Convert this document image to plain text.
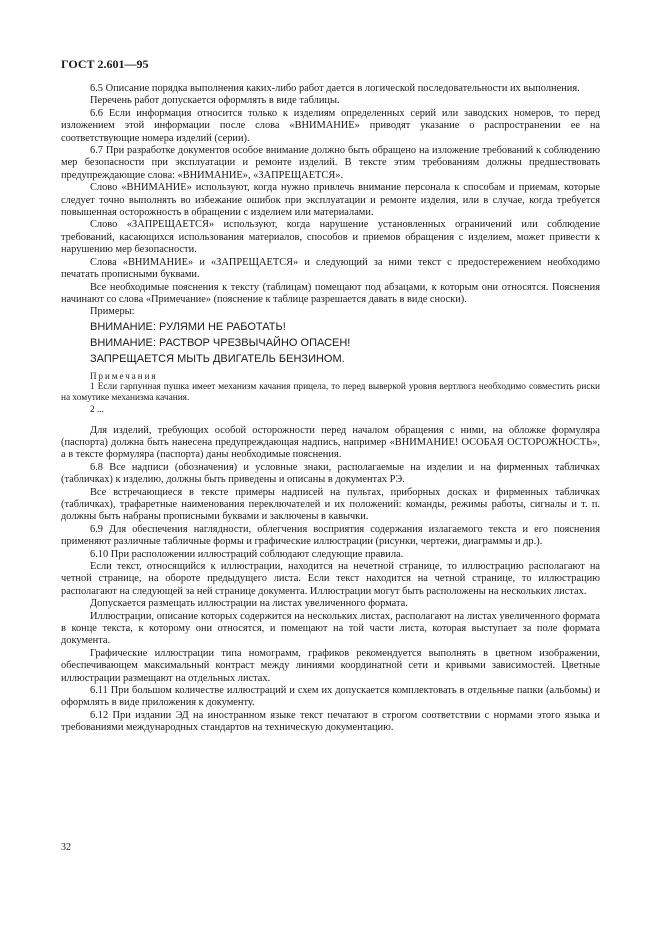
ГОСТ 2.601—95

6.5 Описание порядка выполнения каких-либо работ дается в логической последовательности их выполнения.

Перечень работ допускается оформлять в виде таблицы.

6.6 Если информация относится только к изделиям определенных серий или заводских номеров, то перед изложением этой информации после слова «ВНИМАНИЕ» приводят указание о распространении ее на соответствующие номера изделий (серии).

6.7 При разработке документов особое внимание должно быть обращено на изложение требований к соблюдению мер безопасности при эксплуатации и ремонте изделий. В тексте этим требованиям должны предшествовать предупреждающие слова: «ВНИМАНИЕ», «ЗАПРЕЩАЕТСЯ».

Слово «ВНИМАНИЕ» используют, когда нужно привлечь внимание персонала к способам и приемам, которые следует точно выполнять во избежание ошибок при эксплуатации и ремонте изделия, или в случае, когда требуется повышенная осторожность в обращении с изделием или материалами.

Слово «ЗАПРЕЩАЕТСЯ» используют, когда нарушение установленных ограничений или соблюдение требований, касающихся использования материалов, способов и приемов обращения с изделием, может привести к нарушению мер безопасности.

Слова «ВНИМАНИЕ» и «ЗАПРЕЩАЕТСЯ» и следующий за ними текст с предостережением необходимо печатать прописными буквами.

Все необходимые пояснения к тексту (таблицам) помещают под абзацами, к которым они относятся. Пояснения начинают со слова «Примечание» (пояснение к таблице разрешается давать в виде сноски).

Примеры:

ВНИМАНИЕ: РУЛЯМИ НЕ РАБОТАТЬ!
ВНИМАНИЕ: РАСТВОР ЧРЕЗВЫЧАЙНО ОПАСЕН!
ЗАПРЕЩАЕТСЯ МЫТЬ ДВИГАТЕЛЬ БЕНЗИНОМ.
Примечания
1 Если гарпунная пушка имеет механизм качания прицела, то перед выверкой уровня вертлюга необходимо совместить риски на хомутике механизма качания.
2 ...

Для изделий, требующих особой осторожности перед началом обращения с ними, на обложке формуляра (паспорта) должна быть нанесена предупреждающая надпись, например «ВНИМАНИЕ! ОСОБАЯ ОСТОРОЖНОСТЬ», а в тексте формуляра (паспорта) даны необходимые пояснения.

6.8 Все надписи (обозначения) и условные знаки, располагаемые на изделии и на фирменных табличках (табличках) к изделию, должны быть приведены и описаны в документах РЭ.

Все встречающиеся в тексте примеры надписей на пультах, приборных досках и фирменных табличках (табличках), трафаретные наименования переключателей и их положений: команды, режимы работы, сигналы и т. п. должны быть набраны прописными буквами и заключены в кавычки.

6.9 Для обеспечения наглядности, облегчения восприятия содержания излагаемого текста и его пояснения применяют различные табличные формы и графические иллюстрации (рисунки, чертежи, диаграммы и др.).

6.10 При расположении иллюстраций соблюдают следующие правила.

Если текст, относящийся к иллюстрации, находится на нечетной странице, то иллюстрацию располагают на четной странице, на обороте предыдущего листа. Если текст находится на четной странице, то иллюстрацию располагают на следующей за ней странице документа. Иллюстрации могут быть расположены на нескольких листах.

Допускается размещать иллюстрации на листах увеличенного формата.

Иллюстрации, описание которых содержится на нескольких листах, располагают на листах увеличенного формата в конце текста, к которому они относятся, и помещают на той части листа, которая выступает за поле формата документа.

Графические иллюстрации типа номограмм, графиков рекомендуется выполнять в цветном изображении, обеспечивающем максимальный контраст между линиями координатной сети и кривыми зависимостей. Цветные иллюстрации размещают на отдельных листах.

6.11 При большом количестве иллюстраций и схем их допускается комплектовать в отдельные папки (альбомы) и оформлять в виде приложения к документу.

6.12 При издании ЭД на иностранном языке текст печатают в строгом соответствии с нормами этого языка и требованиями международных стандартов на техническую документацию.

32
